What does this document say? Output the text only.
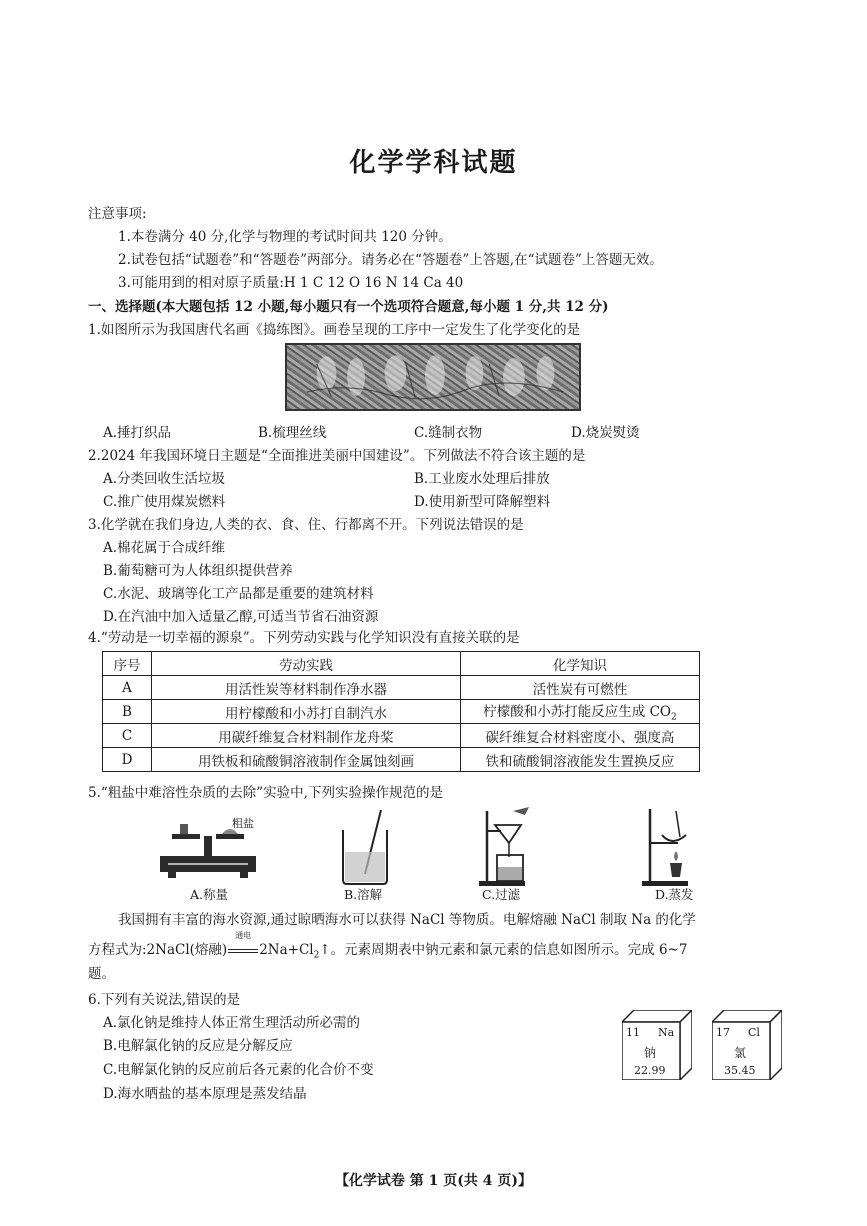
化学学科试题
注意事项:
1.本卷满分 40 分,化学与物理的考试时间共 120 分钟。
2.试卷包括“试题卷”和“答题卷”两部分。请务必在“答题卷”上答题,在“试题卷”上答题无效。
3.可能用到的相对原子质量:H 1 C 12 O 16 N 14 Ca 40
一、选择题(本大题包括 12 小题,每小题只有一个选项符合题意,每小题 1 分,共 12 分)
1.如图所示为我国唐代名画《捣练图》。画卷呈现的工序中一定发生了化学变化的是
A.捶打织品	B.梳理丝线	C.缝制衣物	D.烧炭熨烫
2.2024 年我国环境日主题是“全面推进美丽中国建设”。下列做法不符合该主题的是
A.分类回收生活垃圾	B.工业废水处理后排放
C.推广使用煤炭燃料	D.使用新型可降解塑料
3.化学就在我们身边,人类的衣、食、住、行都离不开。下列说法错误的是
A.棉花属于合成纤维
B.葡萄糖可为人体组织提供营养
C.水泥、玻璃等化工产品都是重要的建筑材料
D.在汽油中加入适量乙醇,可适当节省石油资源
4.“劳动是一切幸福的源泉”。下列劳动实践与化学知识没有直接关联的是
序号	劳动实践	化学知识
A	用活性炭等材料制作净水器	活性炭有可燃性
B	用柠檬酸和小苏打自制汽水	柠檬酸和小苏打能反应生成 $CO_2$
C	用碳纤维复合材料制作龙舟桨	碳纤维复合材料密度小、强度高
D	用铁板和硫酸铜溶液制作金属蚀刻画	铁和硫酸铜溶液能发生置换反应
5.“粗盐中难溶性杂质的去除”实验中,下列实验操作规范的是
粗盐
A.称量	B.溶解	C.过滤	D.蒸发
我国拥有丰富的海水资源,通过晾晒海水可以获得 NaCl 等物质。电解熔融 NaCl 制取 Na 的化学
方程式为:2NaCl(熔融)
通电
$2Na+Cl_2↑$。元素周期表中钠元素和氯元素的信息如图所示。完成 6~7
题。
6.下列有关说法,错误的是
A.氯化钠是维持人体正常生理活动所必需的
B.电解氯化钠的反应是分解反应
C.电解氯化钠的反应前后各元素的化合价不变
D.海水晒盐的基本原理是蒸发结晶
11 Na
钠
22.99
17 Cl
氯
35.45
【化学试卷 第 1 页(共 4 页)】
